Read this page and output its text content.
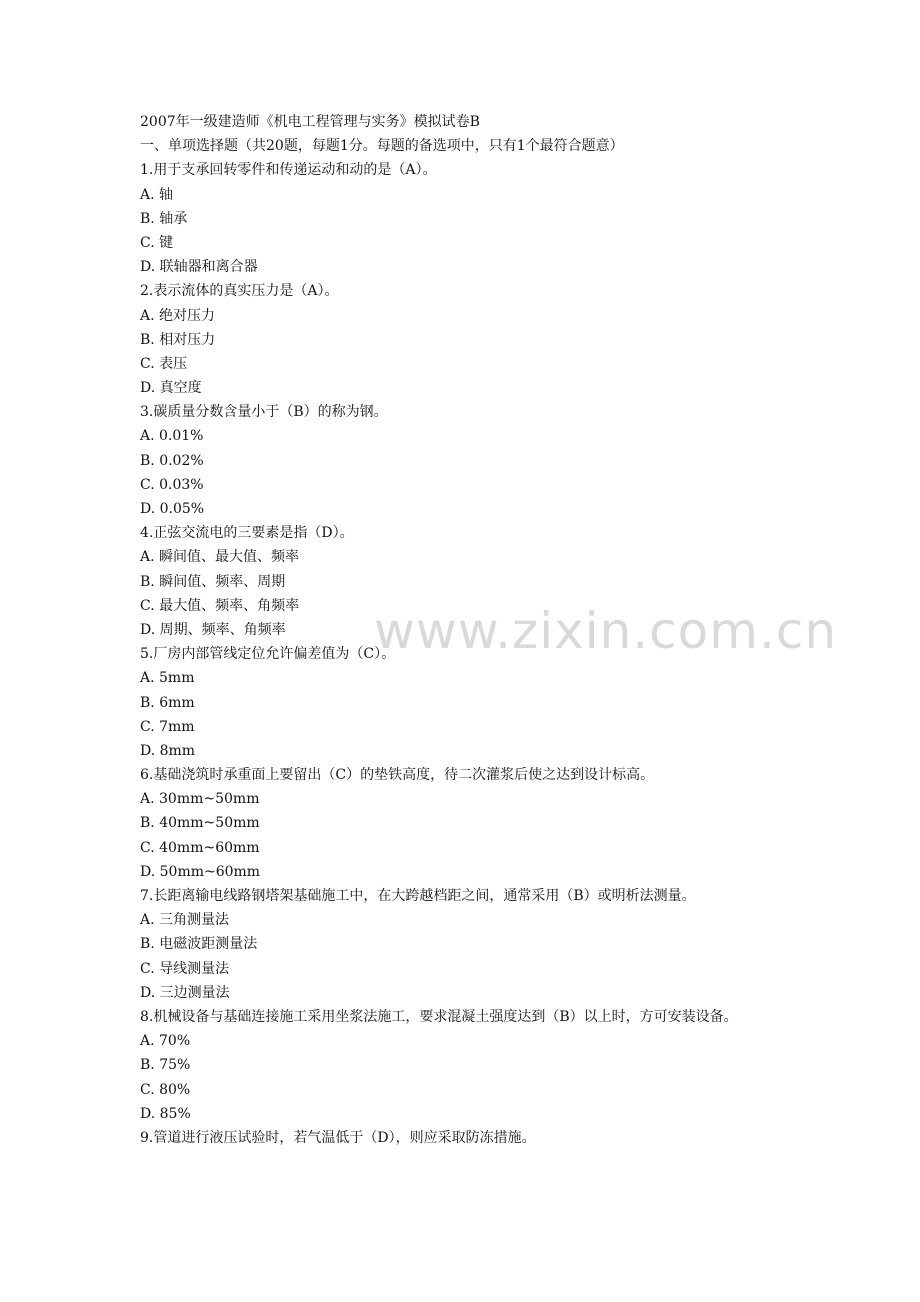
2007年一级建造师《机电工程管理与实务》模拟试卷B
一、单项选择题（共20题，每题1分。每题的备选项中，只有1个最符合题意）
1.用于支承回转零件和传递运动和动的是（A）。
A. 轴
B. 轴承
C. 键
D. 联轴器和离合器
2.表示流体的真实压力是（A）。
A. 绝对压力
B. 相对压力
C. 表压
D. 真空度
3.碳质量分数含量小于（B）的称为钢。
A. 0.01%
B. 0.02%
C. 0.03%
D. 0.05%
4.正弦交流电的三要素是指（D）。
A. 瞬间值、最大值、频率
B. 瞬间值、频率、周期
C. 最大值、频率、角频率
D. 周期、频率、角频率
5.厂房内部管线定位允许偏差值为（C）。
A. 5mm
B. 6mm
C. 7mm
D. 8mm
6.基础浇筑时承重面上要留出（C）的垫铁高度，待二次灌浆后使之达到设计标高。
A. 30mm~50mm
B. 40mm~50mm
C. 40mm~60mm
D. 50mm~60mm
7.长距离输电线路钢塔架基础施工中，在大跨越档距之间，通常采用（B）或明析法测量。
A. 三角测量法
B. 电磁波距测量法
C. 导线测量法
D. 三边测量法
8.机械设备与基础连接施工采用坐浆法施工，要求混凝土强度达到（B）以上时，方可安装设备。
A. 70%
B. 75%
C. 80%
D. 85%
9.管道进行液压试验时，若气温低于（D），则应采取防冻措施。
www.zixin.com.cn
